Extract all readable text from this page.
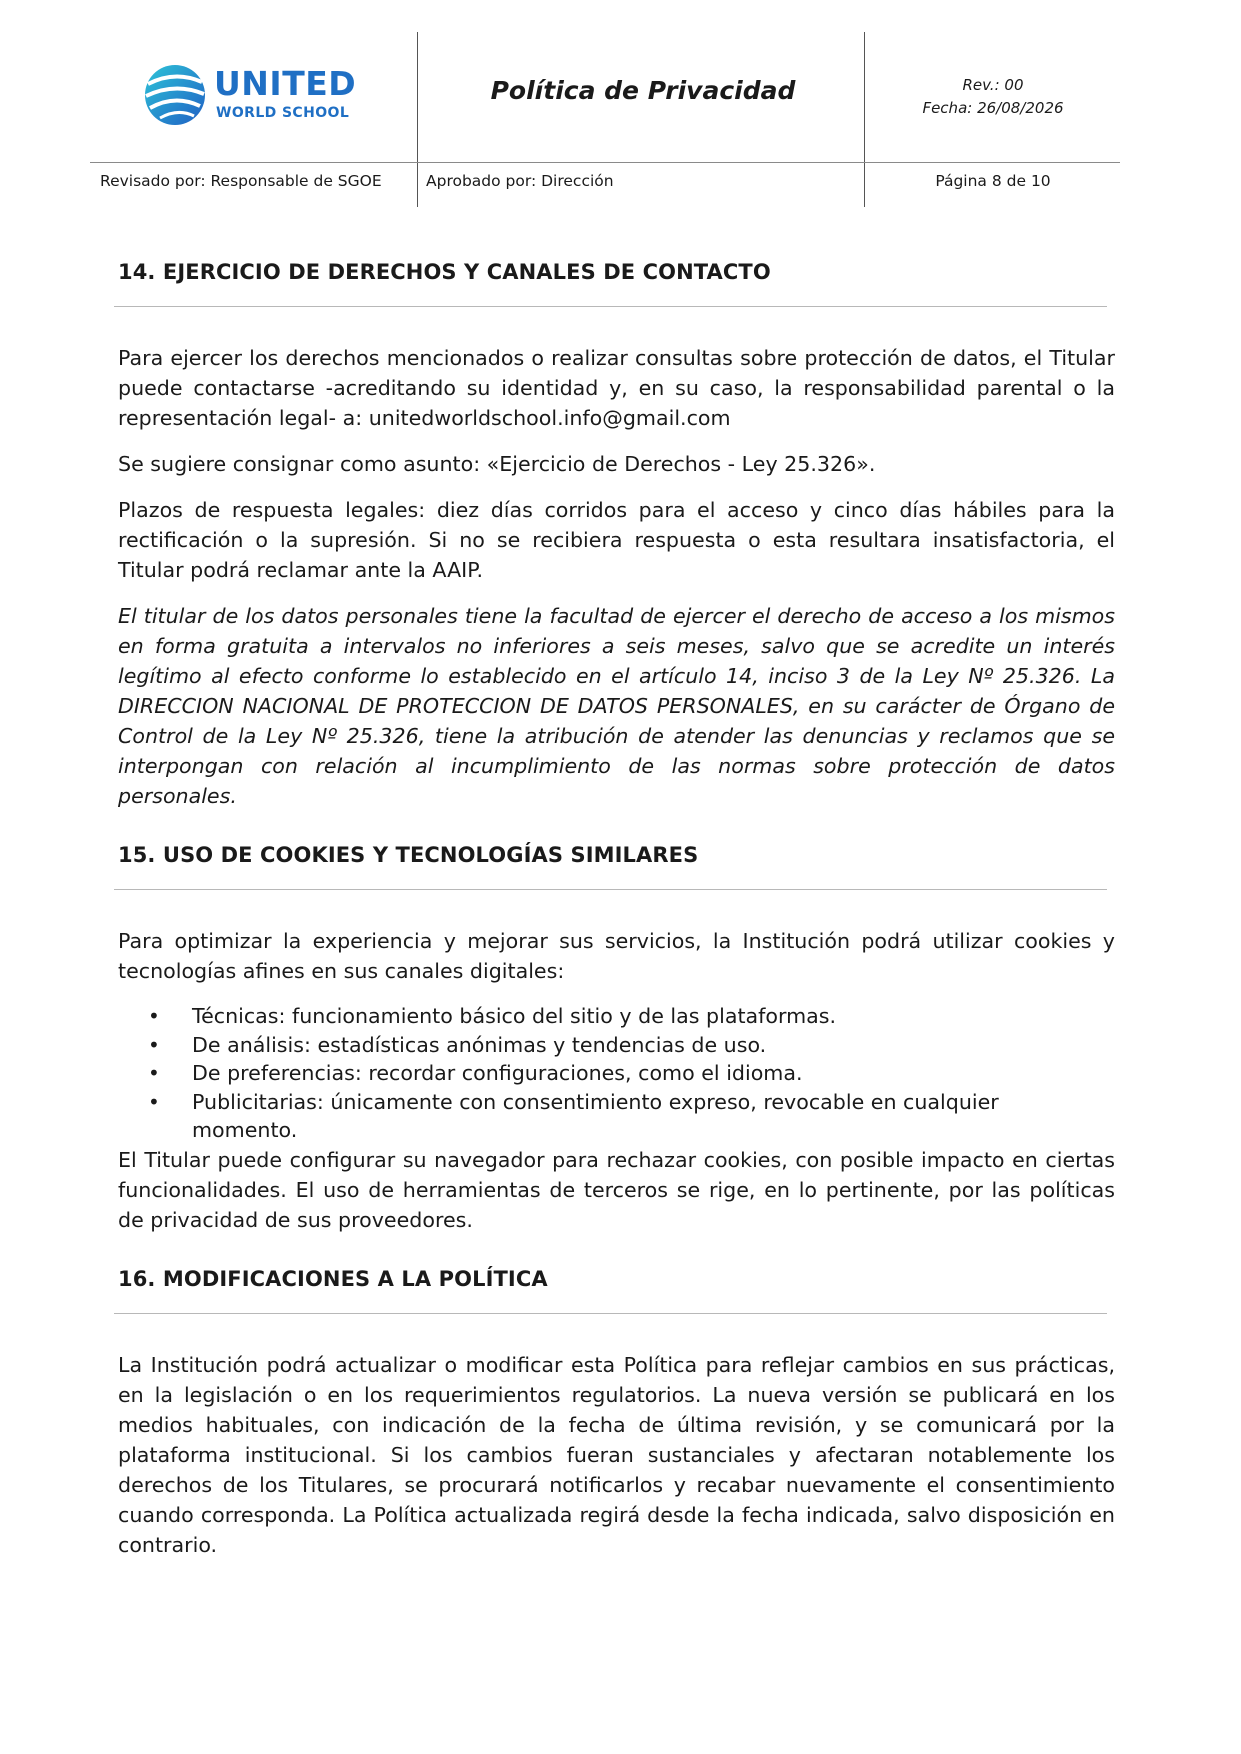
UNITED
WORLD SCHOOL
Política de Privacidad	Rev.: 00
Fecha: 26/08/2026
Revisado por: Responsable de SGOE	Aprobado por: Dirección	Página 8 de 10
14. EJERCICIO DE DERECHOS Y CANALES DE CONTACTO

Para ejercer los derechos mencionados o realizar consultas sobre protección de datos, el Titular puede contactarse -acreditando su identidad y, en su caso, la responsabilidad parental o la representación legal- a: unitedworldschool.info@gmail.com

Se sugiere consignar como asunto: «Ejercicio de Derechos - Ley 25.326».

Plazos de respuesta legales: diez días corridos para el acceso y cinco días hábiles para la rectificación o la supresión. Si no se recibiera respuesta o esta resultara insatisfactoria, el Titular podrá reclamar ante la AAIP.

El titular de los datos personales tiene la facultad de ejercer el derecho de acceso a los mismos en forma gratuita a intervalos no inferiores a seis meses, salvo que se acredite un interés legítimo al efecto conforme lo establecido en el artículo 14, inciso 3 de la Ley Nº 25.326. La DIRECCION NACIONAL DE PROTECCION DE DATOS PERSONALES, en su carácter de Órgano de Control de la Ley Nº 25.326, tiene la atribución de atender las denuncias y reclamos que se interpongan con relación al incumplimiento de las normas sobre protección de datos personales.

15. USO DE COOKIES Y TECNOLOGÍAS SIMILARES

Para optimizar la experiencia y mejorar sus servicios, la Institución podrá utilizar cookies y tecnologías afines en sus canales digitales:

• Técnicas: funcionamiento básico del sitio y de las plataformas.
• De análisis: estadísticas anónimas y tendencias de uso.
• De preferencias: recordar configuraciones, como el idioma.
• Publicitarias: únicamente con consentimiento expreso, revocable en cualquier momento.

El Titular puede configurar su navegador para rechazar cookies, con posible impacto en ciertas funcionalidades. El uso de herramientas de terceros se rige, en lo pertinente, por las políticas de privacidad de sus proveedores.

16. MODIFICACIONES A LA POLÍTICA

La Institución podrá actualizar o modificar esta Política para reflejar cambios en sus prácticas, en la legislación o en los requerimientos regulatorios. La nueva versión se publicará en los medios habituales, con indicación de la fecha de última revisión, y se comunicará por la plataforma institucional. Si los cambios fueran sustanciales y afectaran notablemente los derechos de los Titulares, se procurará notificarlos y recabar nuevamente el consentimiento cuando corresponda. La Política actualizada regirá desde la fecha indicada, salvo disposición en contrario.
